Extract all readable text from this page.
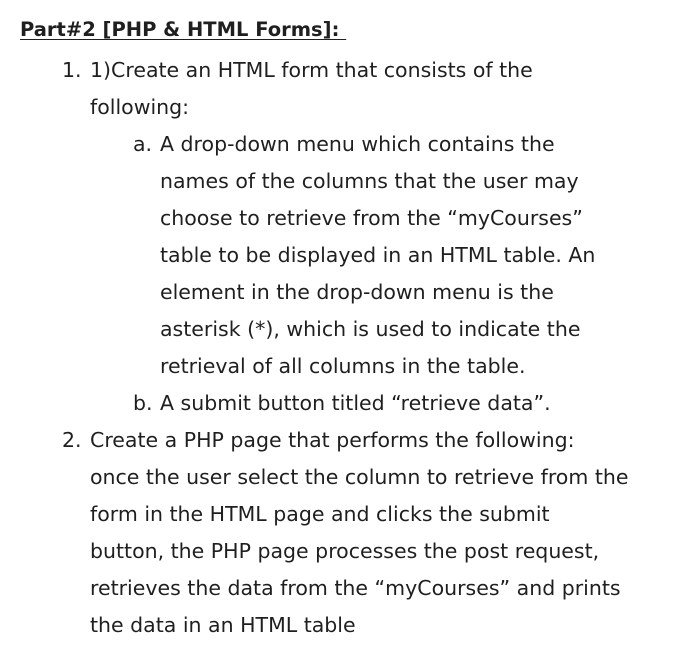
Part#2 [PHP & HTML Forms]:
1. 1)Create an HTML form that consists of the
following:
a. A drop-down menu which contains the
names of the columns that the user may
choose to retrieve from the “myCourses”
table to be displayed in an HTML table. An
element in the drop-down menu is the
asterisk (*), which is used to indicate the
retrieval of all columns in the table.
b. A submit button titled “retrieve data”.
2. Create a PHP page that performs the following:
once the user select the column to retrieve from the
form in the HTML page and clicks the submit
button, the PHP page processes the post request,
retrieves the data from the “myCourses” and prints
the data in an HTML table
